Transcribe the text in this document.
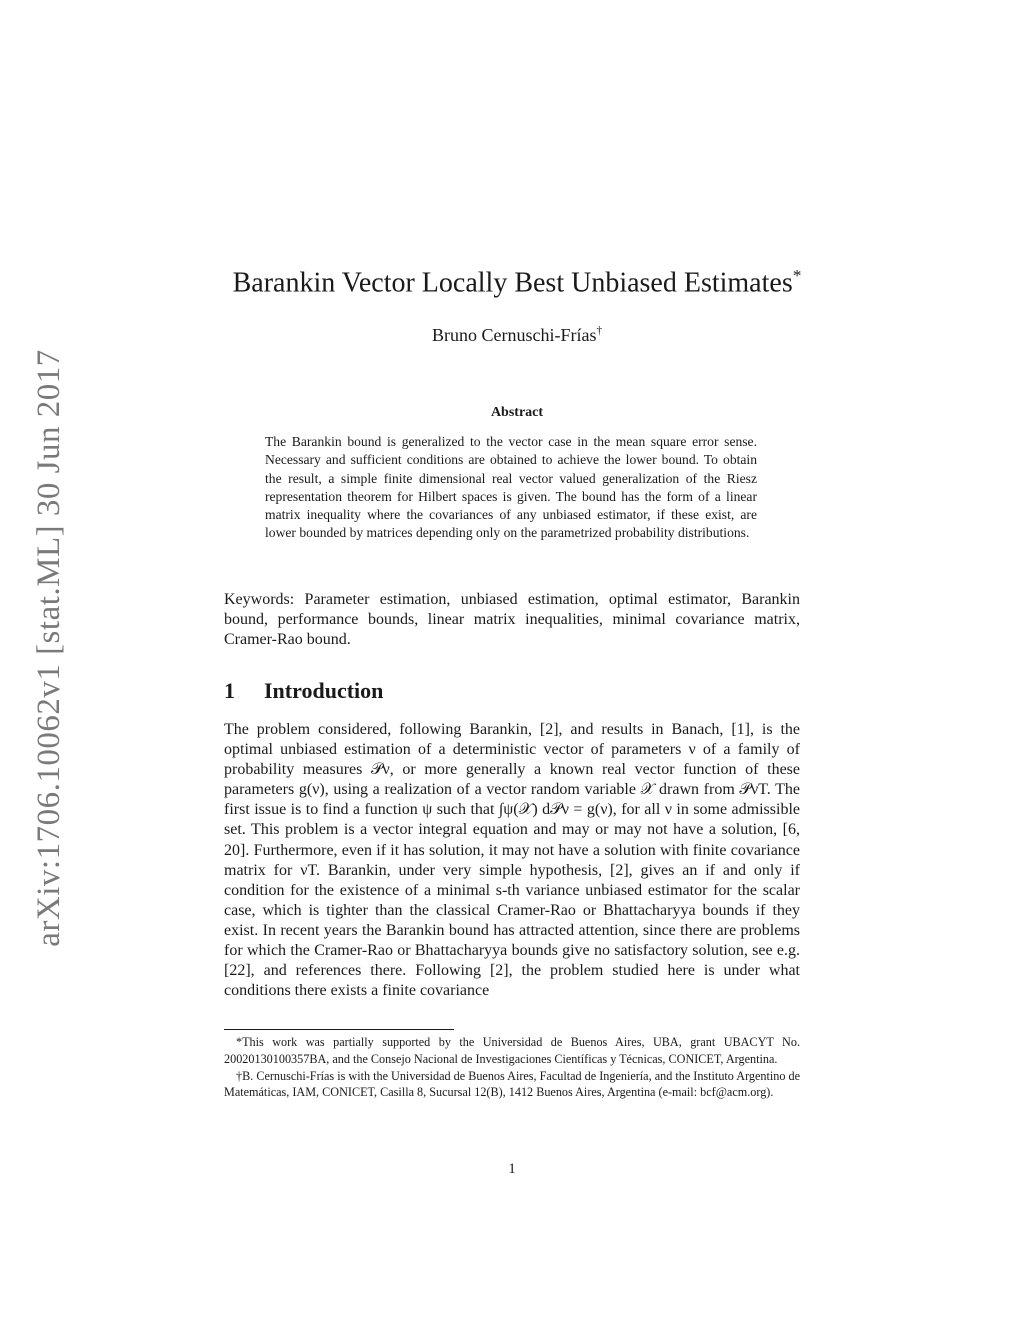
arXiv:1706.10062v1 [stat.ML] 30 Jun 2017
Barankin Vector Locally Best Unbiased Estimates*
Bruno Cernuschi-Frías†
Abstract

The Barankin bound is generalized to the vector case in the mean square error sense. Necessary and sufficient conditions are obtained to achieve the lower bound. To obtain the result, a simple finite dimensional real vector valued generalization of the Riesz representation theorem for Hilbert spaces is given. The bound has the form of a linear matrix inequality where the covariances of any unbiased estimator, if these exist, are lower bounded by matrices depending only on the parametrized probability distributions.

Keywords: Parameter estimation, unbiased estimation, optimal estimator, Barankin bound, performance bounds, linear matrix inequalities, minimal covariance matrix, Cramer-Rao bound.

1 Introduction

The problem considered, following Barankin, [2], and results in Banach, [1], is the optimal unbiased estimation of a deterministic vector of parameters ν of a family of probability measures 𝒫ν, or more generally a known real vector function of these parameters g(ν), using a realization of a vector random variable 𝒳 drawn from 𝒫νT. The first issue is to find a function ψ such that ∫ψ(𝒳) d𝒫ν = g(ν), for all ν in some admissible set. This problem is a vector integral equation and may or may not have a solution, [6, 20]. Furthermore, even if it has solution, it may not have a solution with finite covariance matrix for νT. Barankin, under very simple hypothesis, [2], gives an if and only if condition for the existence of a minimal s-th variance unbiased estimator for the scalar case, which is tighter than the classical Cramer-Rao or Bhattacharyya bounds if they exist. In recent years the Barankin bound has attracted attention, since there are problems for which the Cramer-Rao or Bhattacharyya bounds give no satisfactory solution, see e.g. [22], and references there. Following [2], the problem studied here is under what conditions there exists a finite covariance

*This work was partially supported by the Universidad de Buenos Aires, UBA, grant UBACYT No. 20020130100357BA, and the Consejo Nacional de Investigaciones Científicas y Técnicas, CONICET, Argentina.

†B. Cernuschi-Frías is with the Universidad de Buenos Aires, Facultad de Ingeniería, and the Instituto Argentino de Matemáticas, IAM, CONICET, Casilla 8, Sucursal 12(B), 1412 Buenos Aires, Argentina (e-mail: bcf@acm.org).

1
